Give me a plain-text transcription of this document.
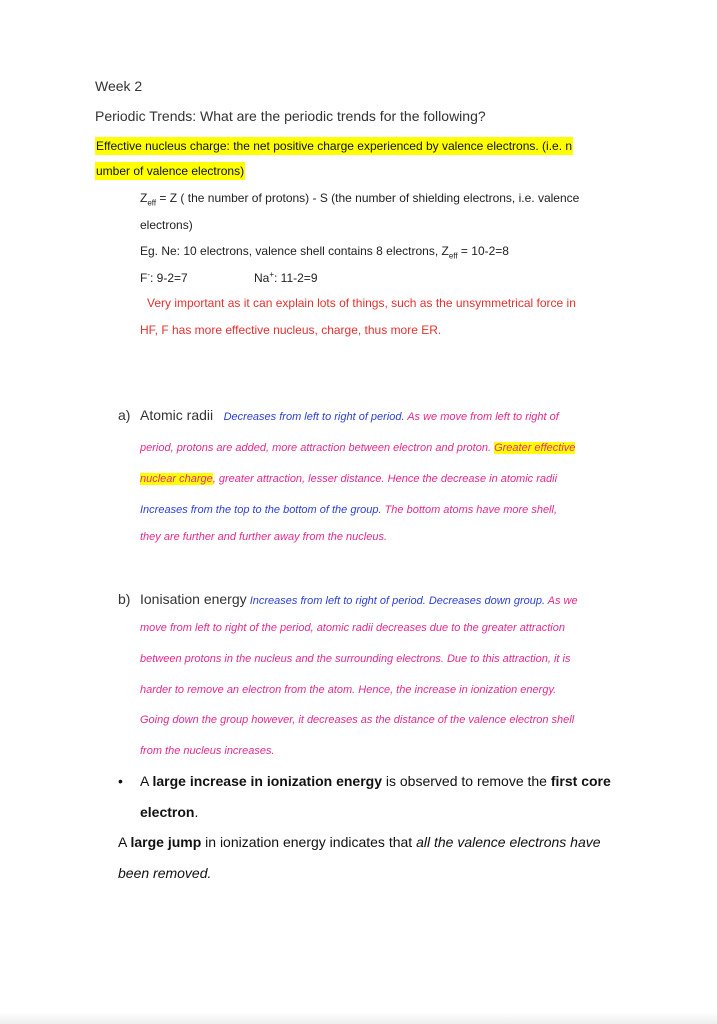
Week 2
Periodic Trends: What are the periodic trends for the following?
Effective nucleus charge: the net positive charge experienced by valence electrons. (i.e. n
umber of valence electrons)
$Z_{eff} = Z$ ( the number of protons) - S (the number of shielding electrons, i.e. valence
electrons)
Eg. Ne: 10 electrons, valence shell contains 8 electrons, $Z_{eff} = 10-2=8$
F-: 9-2=7	Na+: 11-2=9
Very important as it can explain lots of things, such as the unsymmetrical force in
HF, F has more effective nucleus, charge, thus more ER.
a) Atomic radii Decreases from left to right of period. As we move from left to right of
period, protons are added, more attraction between electron and proton. Greater effective
nuclear charge, greater attraction, lesser distance. Hence the decrease in atomic radii
Increases from the top to the bottom of the group. The bottom atoms have more shell,
they are further and further away from the nucleus.
b) Ionisation energy Increases from left to right of period. Decreases down group. As we
move from left to right of the period, atomic radii decreases due to the greater attraction
between protons in the nucleus and the surrounding electrons. Due to this attraction, it is
harder to remove an electron from the atom. Hence, the increase in ionization energy.
Going down the group however, it decreases as the distance of the valence electron shell
from the nucleus increases.
• A large increase in ionization energy is observed to remove the first core
electron.
A large jump in ionization energy indicates that all the valence electrons have
been removed.
